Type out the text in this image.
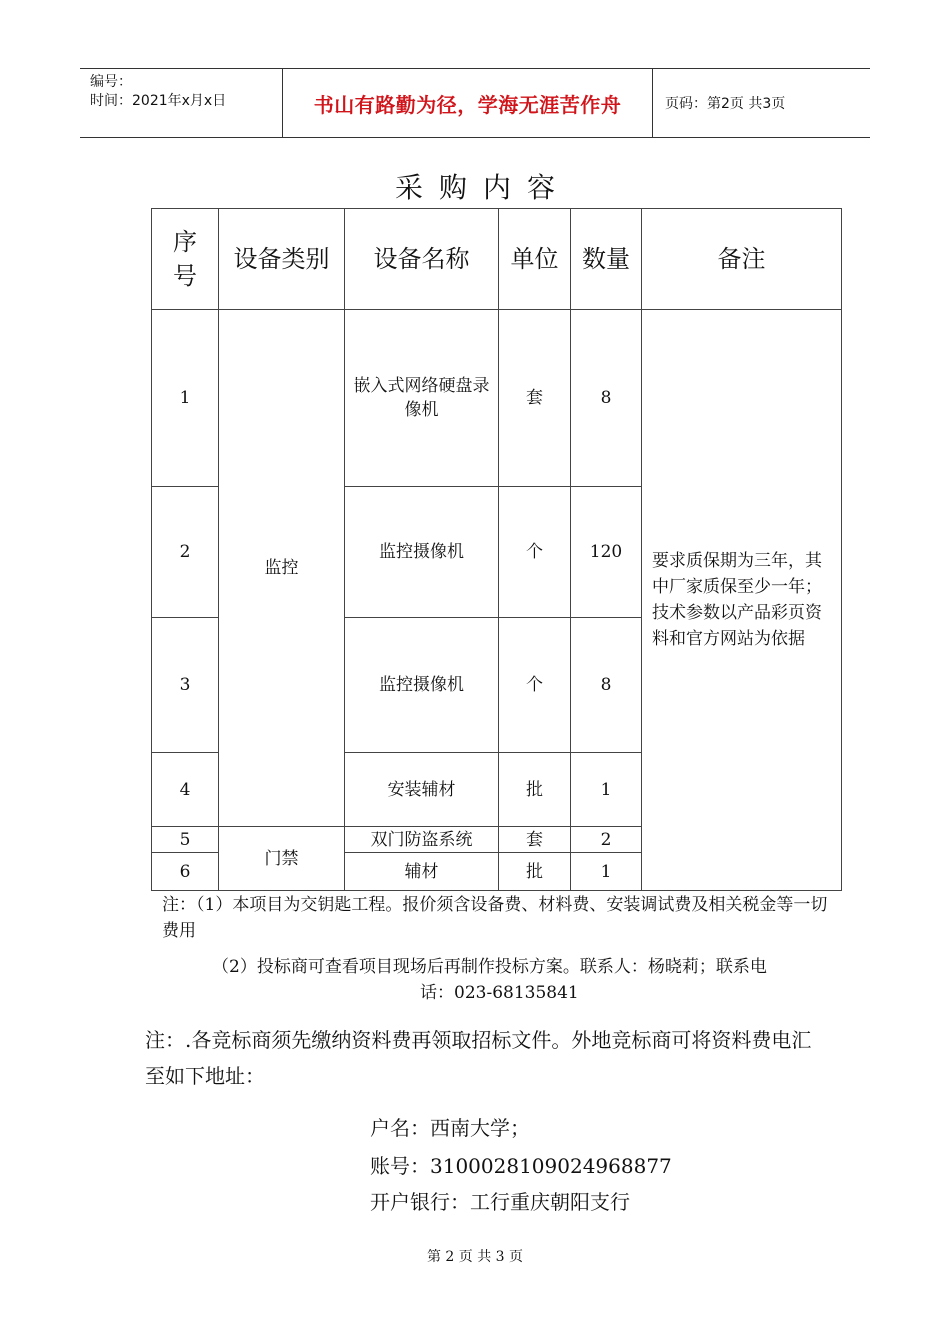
编号：
时间：2021年x月x日	书山有路勤为径，学海无涯苦作舟	页码：第2页 共3页
采购内容
序
号	设备类别	设备名称	单位	数量	备注
1	监控	嵌入式网络硬盘录像机	套	8	要求质保期为三年，其中厂家质保至少一年；技术参数以产品彩页资料和官方网站为依据
2		监控摄像机	个	120	
3		监控摄像机	个	8	
4		安装辅材	批	1	
5	门禁	双门防盗系统	套	2	
6		辅材	批	1	
注：（1）本项目为交钥匙工程。报价须含设备费、材料费、安装调试费及相关税金等一切费用
（2）投标商可查看项目现场后再制作投标方案。联系人：杨晓莉；联系电
话：023-68135841
注：.各竞标商须先缴纳资料费再领取招标文件。外地竞标商可将资料费电汇至如下地址：
户名：西南大学；
账号：3100028109024968877
开户银行：工行重庆朝阳支行
第 2 页 共 3 页
